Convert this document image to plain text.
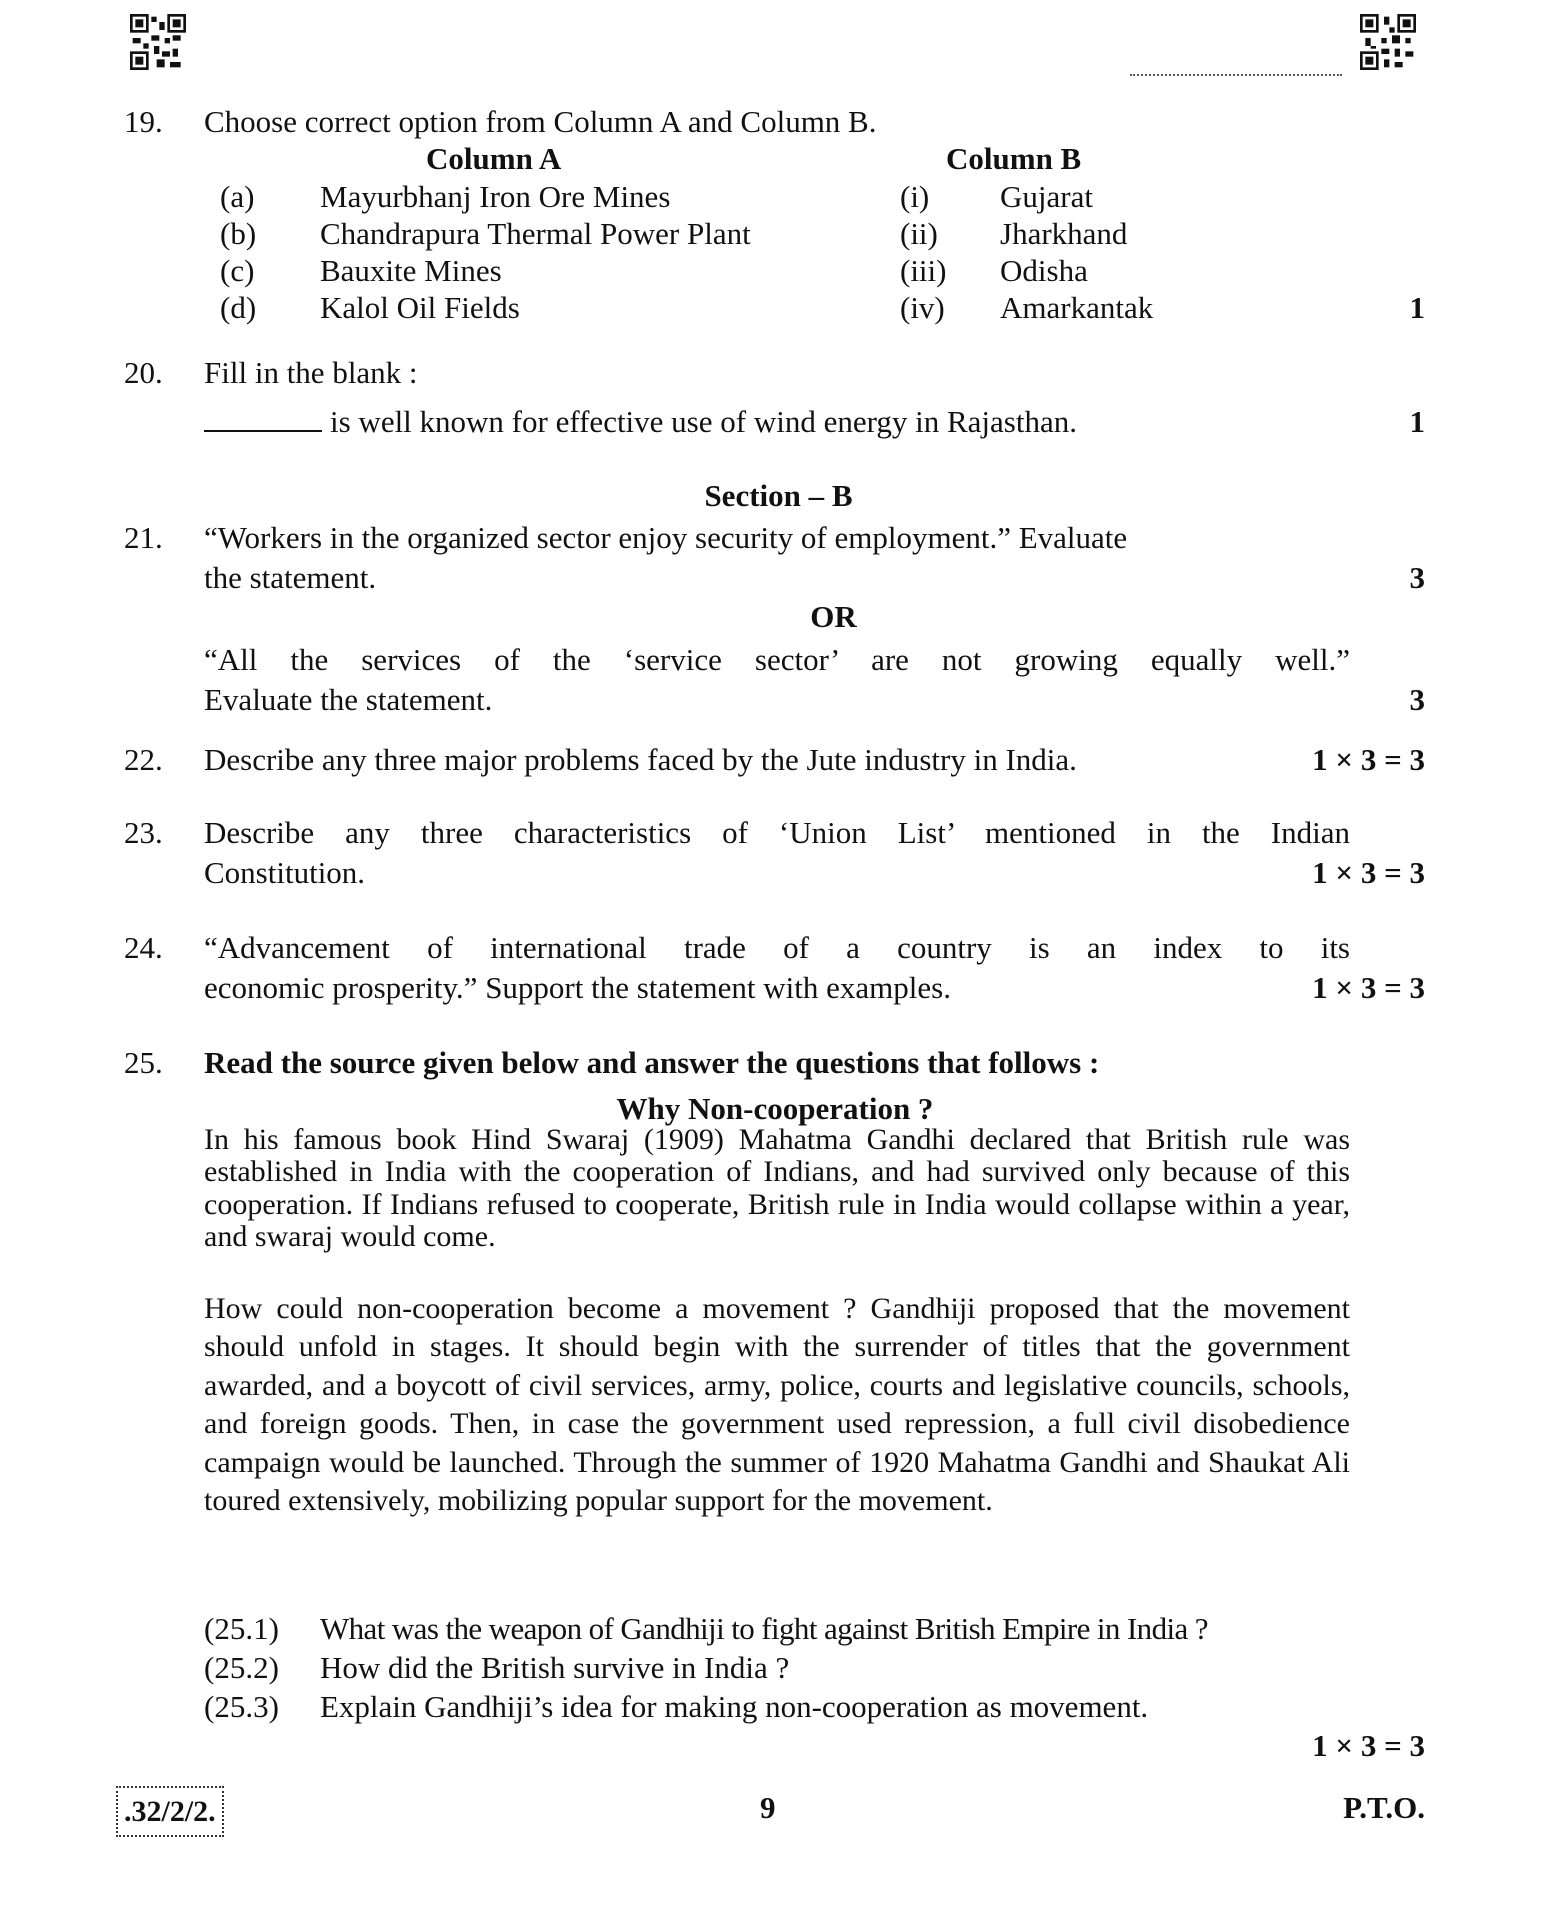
19.	Choose correct option from Column A and Column B.
Column A	Column B
(a) Mayurbhanj Iron Ore Mines	(i) Gujarat
(b) Chandrapura Thermal Power Plant	(ii) Jharkhand
(c) Bauxite Mines	(iii) Odisha
(d) Kalol Oil Fields	(iv) Amarkantak	1
20.	Fill in the blank :
is well known for effective use of wind energy in Rajasthan.	1
Section – B
21.	“Workers in the organized sector enjoy security of employment.” Evaluate
the statement.	3
OR
“All the services of the ‘service sector’ are not growing equally well.”
Evaluate the statement.	3
22.	Describe any three major problems faced by the Jute industry in India.	1 × 3 = 3
23.	Describe any three characteristics of ‘Union List’ mentioned in the Indian
Constitution.	1 × 3 = 3
24.	“Advancement of international trade of a country is an index to its
economic prosperity.” Support the statement with examples.	1 × 3 = 3
25.	Read the source given below and answer the questions that follows :
Why Non-cooperation ?
In his famous book Hind Swaraj (1909) Mahatma Gandhi declared that British rule was established in India with the cooperation of Indians, and had survived only because of this cooperation. If Indians refused to cooperate, British rule in India would collapse within a year, and swaraj would come.
How could non-cooperation become a movement ? Gandhiji proposed that the movement should unfold in stages. It should begin with the surrender of titles that the government awarded, and a boycott of civil services, army, police, courts and legislative councils, schools, and foreign goods. Then, in case the government used repression, a full civil disobedience campaign would be launched. Through the summer of 1920 Mahatma Gandhi and Shaukat Ali toured extensively, mobilizing popular support for the movement.
(25.1) What was the weapon of Gandhiji to fight against British Empire in India ?
(25.2) How did the British survive in India ?
(25.3) Explain Gandhiji’s idea for making non-cooperation as movement.
1 × 3 = 3
.32/2/2.	9	P.T.O.
